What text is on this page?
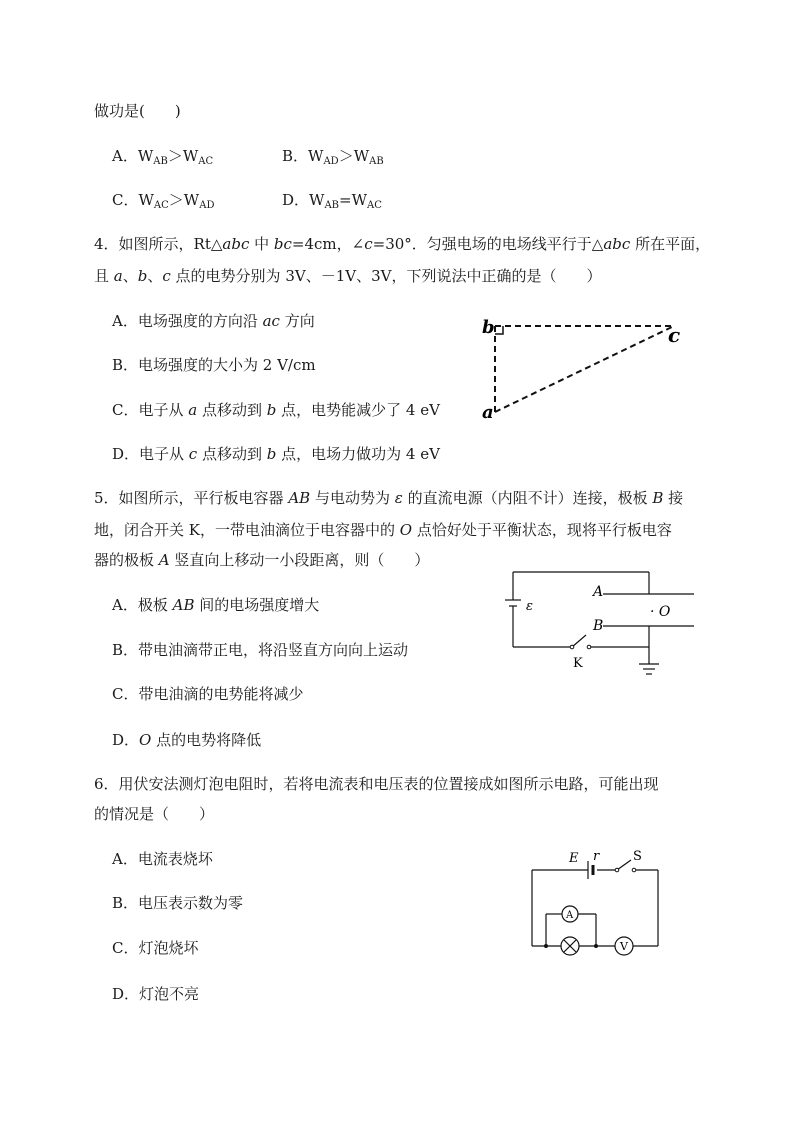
做功是(　　)
A．$W_{AB}>W_{AC}$	B．$W_{AD}>W_{AB}$
C．$W_{AC}>W_{AD}$	D．$W_{AB}=W_{AC}$
4．如图所示，Rt△abc 中 bc=4cm，∠c=30°．匀强电场的电场线平行于△abc 所在平面，
且 a、b、c 点的电势分别为 3V、－1V、3V，下列说法中正确的是（　　）
A．电场强度的方向沿 ac 方向
B．电场强度的大小为 2 V/cm
C．电子从 a 点移动到 b 点，电势能减少了 4 eV
D．电子从 c 点移动到 b 点，电场力做功为 4 eV
b	c
a
5．如图所示，平行板电容器 AB 与电动势为 ε 的直流电源（内阻不计）连接，极板 B 接
地，闭合开关 K，一带电油滴位于电容器中的 O 点恰好处于平衡状态，现将平行板电容
器的极板 A 竖直向上移动一小段距离，则（　　）
A．极板 AB 间的电场强度增大
B．带电油滴带正电，将沿竖直方向向上运动
C．带电油滴的电势能将减少
D．O 点的电势将降低
ε
A
B
· O
K
6．用伏安法测灯泡电阻时，若将电流表和电压表的位置接成如图所示电路，可能出现
的情况是（　　）
A．电流表烧坏
B．电压表示数为零
C．灯泡烧坏
D．灯泡不亮
E r	S
A
V
